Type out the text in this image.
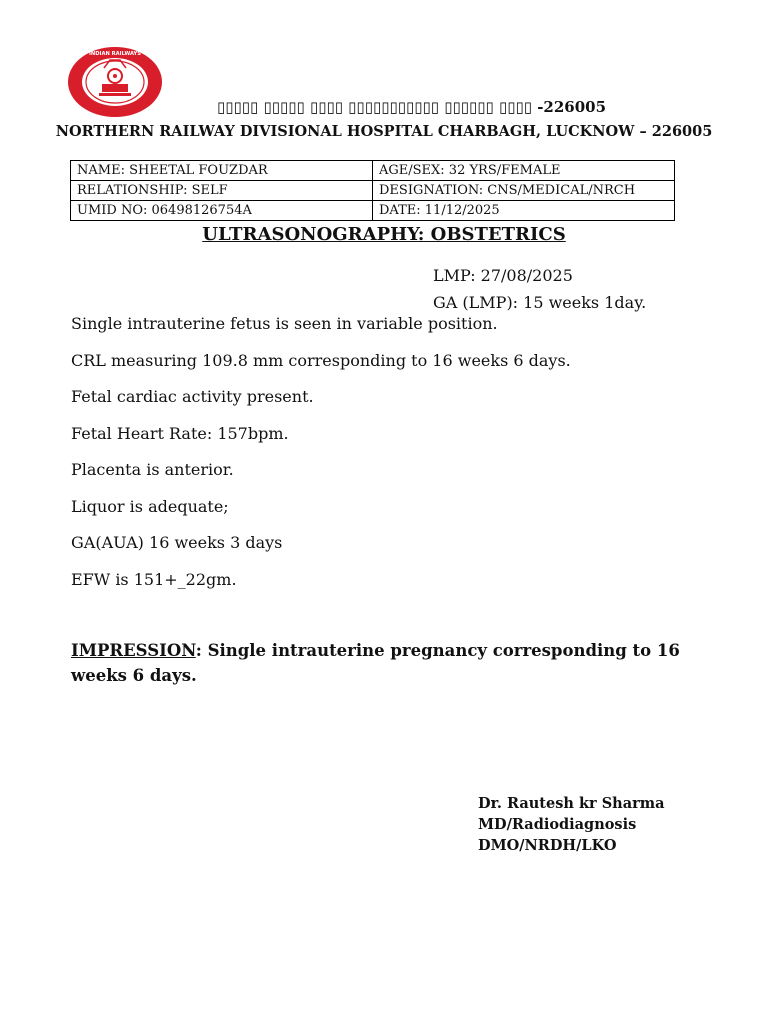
INDIAN RAILWAYS
▯▯▯▯▯ ▯▯▯▯▯ ▯▯▯▯ ▯▯▯▯▯▯▯▯▯▯▯ ▯▯▯▯▯▯ ▯▯▯▯ -226005
NORTHERN RAILWAY DIVISIONAL HOSPITAL CHARBAGH, LUCKNOW – 226005
NAME: SHEETAL FOUZDAR	AGE/SEX: 32 YRS/FEMALE
RELATIONSHIP: SELF	DESIGNATION: CNS/MEDICAL/NRCH
UMID NO: 06498126754A	DATE: 11/12/2025
ULTRASONOGRAPHY: OBSTETRICS
LMP: 27/08/2025
GA (LMP): 15 weeks 1day.

Single intrauterine fetus is seen in variable position.

CRL measuring 109.8 mm corresponding to 16 weeks 6 days.

Fetal cardiac activity present.

Fetal Heart Rate: 157bpm.

Placenta is anterior.

Liquor is adequate;

GA(AUA) 16 weeks 3 days

EFW is 151+_22gm.

IMPRESSION: Single intrauterine pregnancy corresponding to 16 weeks 6 days.
Dr. Rautesh kr Sharma
MD/Radiodiagnosis
DMO/NRDH/LKO
